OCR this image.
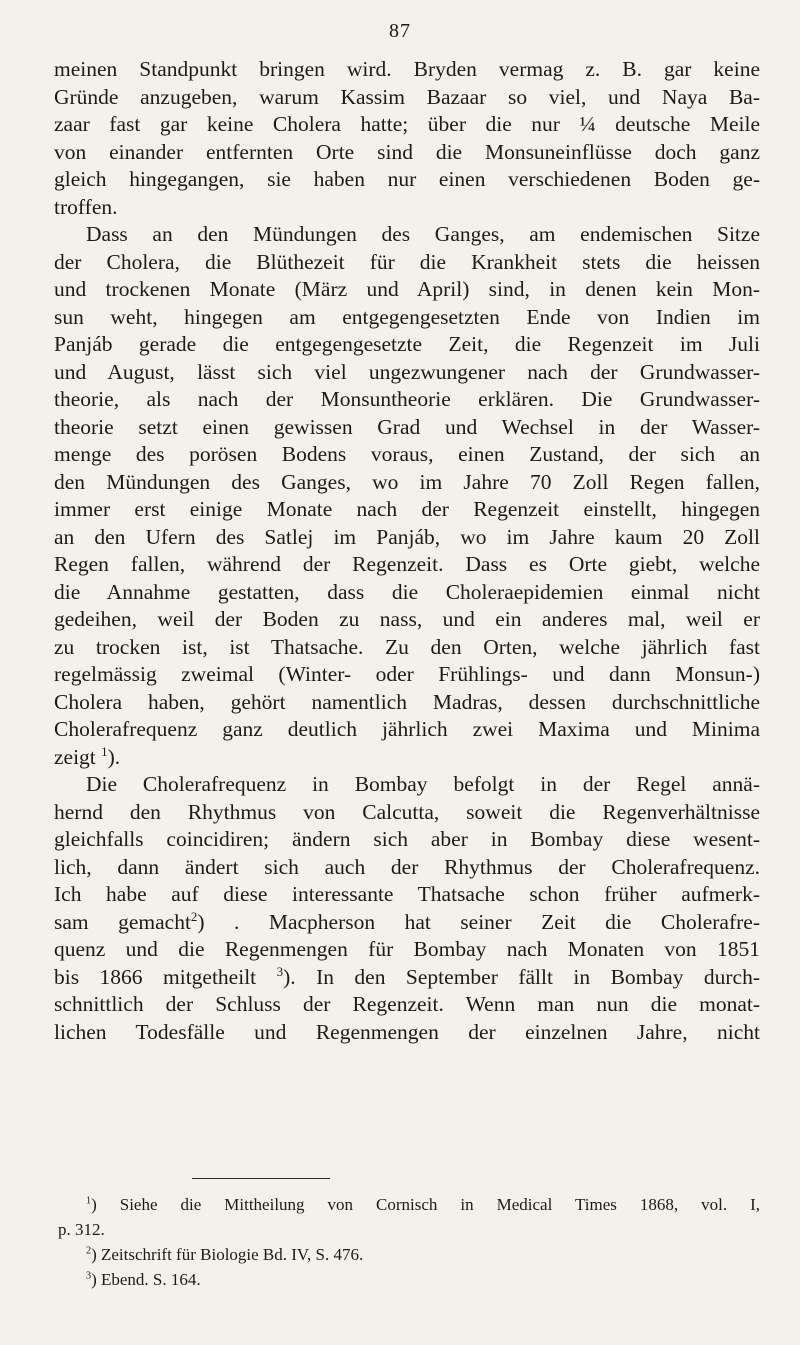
87
meinen Standpunkt bringen wird. Bryden vermag z. B. gar keine
Gründe anzugeben, warum Kassim Bazaar so viel, und Naya Ba-
zaar fast gar keine Cholera hatte; über die nur ¼ deutsche Meile
von einander entfernten Orte sind die Monsuneinflüsse doch ganz
gleich hingegangen, sie haben nur einen verschiedenen Boden ge-
troffen.
Dass an den Mündungen des Ganges, am endemischen Sitze
der Cholera, die Blüthezeit für die Krankheit stets die heissen
und trockenen Monate (März und April) sind, in denen kein Mon-
sun weht, hingegen am entgegengesetzten Ende von Indien im
Panjáb gerade die entgegengesetzte Zeit, die Regenzeit im Juli
und August, lässt sich viel ungezwungener nach der Grundwasser-
theorie, als nach der Monsuntheorie erklären. Die Grundwasser-
theorie setzt einen gewissen Grad und Wechsel in der Wasser-
menge des porösen Bodens voraus, einen Zustand, der sich an
den Mündungen des Ganges, wo im Jahre 70 Zoll Regen fallen,
immer erst einige Monate nach der Regenzeit einstellt, hingegen
an den Ufern des Satlej im Panjáb, wo im Jahre kaum 20 Zoll
Regen fallen, während der Regenzeit. Dass es Orte giebt, welche
die Annahme gestatten, dass die Choleraepidemien einmal nicht
gedeihen, weil der Boden zu nass, und ein anderes mal, weil er
zu trocken ist, ist Thatsache. Zu den Orten, welche jährlich fast
regelmässig zweimal (Winter- oder Frühlings- und dann Monsun-)
Cholera haben, gehört namentlich Madras, dessen durchschnittliche
Cholerafrequenz ganz deutlich jährlich zwei Maxima und Minima
zeigt $^1$).
Die Cholerafrequenz in Bombay befolgt in der Regel annä-
hernd den Rhythmus von Calcutta, soweit die Regenverhältnisse
gleichfalls coincidiren; ändern sich aber in Bombay diese wesent-
lich, dann ändert sich auch der Rhythmus der Cholerafrequenz.
Ich habe auf diese interessante Thatsache schon früher aufmerk-
sam gemacht$^2$) . Macpherson hat seiner Zeit die Cholerafre-
quenz und die Regenmengen für Bombay nach Monaten von 1851
bis 1866 mitgetheilt $^3$). In den September fällt in Bombay durch-
schnittlich der Schluss der Regenzeit. Wenn man nun die monat-
lichen Todesfälle und Regenmengen der einzelnen Jahre, nicht
$^1$) Siehe die Mittheilung von Cornisch in Medical Times 1868, vol. I,
p. 312.
$^2$) Zeitschrift für Biologie Bd. IV, S. 476.
$^3$) Ebend. S. 164.
